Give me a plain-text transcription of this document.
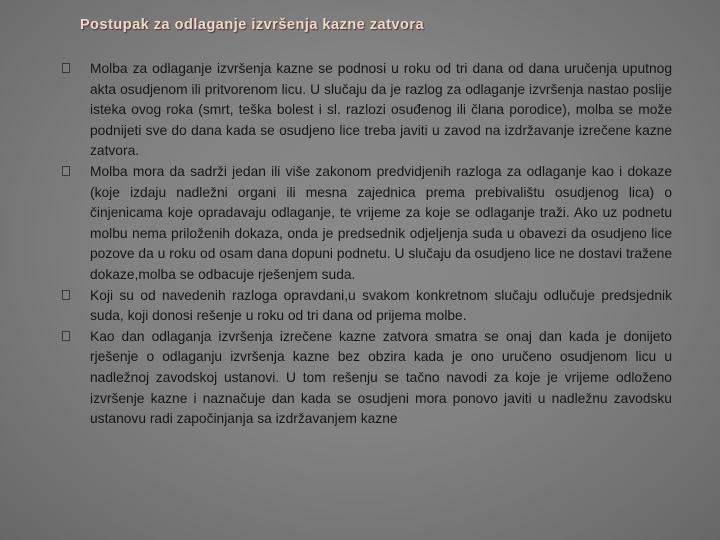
Postupak za odlaganje izvršenja kazne zatvora
Molba za odlaganje izvršenja kazne se podnosi u roku od tri dana od dana uručenja uputnog akta osudjenom ili pritvorenom licu. U slučaju da je razlog za odlaganje izvršenja nastao poslije isteka ovog roka (smrt, teška bolest i sl. razlozi osuđenog ili člana porodice), molba se može podnijeti sve do dana kada se osudjeno lice treba javiti u zavod na izdržavanje izrečene kazne zatvora.
Molba mora da sadrži jedan ili više zakonom predvidjenih razloga za odlaganje kao i dokaze (koje izdaju nadležni organi ili mesna zajednica prema prebivalištu osudjenog lica) o činjenicama koje opradavaju odlaganje, te vrijeme za koje se odlaganje traži. Ako uz podnetu molbu nema priloženih dokaza, onda je predsednik odjeljenja suda u obavezi da osudjeno lice pozove da u roku od osam dana dopuni podnetu. U slučaju da osudjeno lice ne dostavi tražene dokaze,molba se odbacuje rješenjem suda.
Koji su od navedenih razloga opravdani,u svakom konkretnom slučaju odlučuje predsjednik suda, koji donosi rešenje u roku od tri dana od prijema molbe.
Kao dan odlaganja izvršenja izrečene kazne zatvora smatra se onaj dan kada je donijeto rješenje o odlaganju izvršenja kazne bez obzira kada je ono uručeno osudjenom licu u nadležnoj zavodskoj ustanovi. U tom rešenju se tačno navodi za koje je vrijeme odloženo izvršenje kazne i naznačuje dan kada se osudjeni mora ponovo javiti u nadležnu zavodsku ustanovu radi započinjanja sa izdržavanjem kazne
